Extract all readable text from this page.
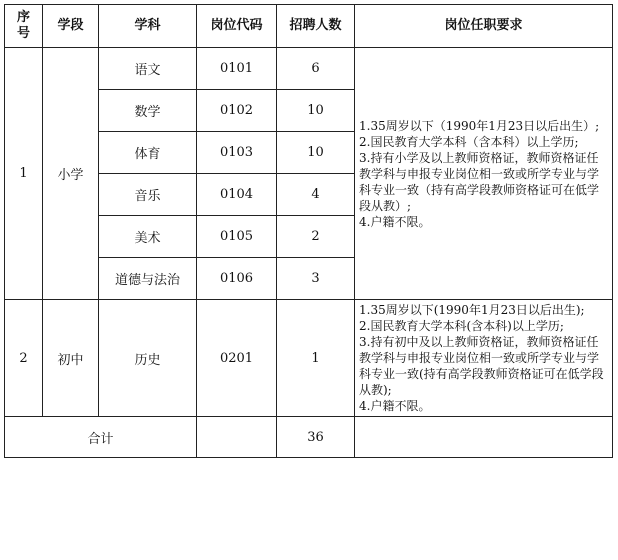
序号	学段	学科	岗位代码	招聘人数	岗位任职要求
1	小学	语文	0101	6	1.35周岁以下（1990年1月23日以后出生）;
2.国民教育大学本科（含本科）以上学历;
3.持有小学及以上教师资格证，教师资格证任教学科与申报专业岗位相一致或所学专业与学科专业一致（持有高学段教师资格证可在低学段从教）;
4.户籍不限。

		数学	0102	10	
		体育	0103	10	
		音乐	0104	4	
		美术	0105	2	
		道德与法治	0106	3	
2	初中	历史	0201	1	1.35周岁以下(1990年1月23日以后出生);
2.国民教育大学本科(含本科)以上学历;
3.持有初中及以上教师资格证，教师资格证任教学科与申报专业岗位相一致或所学专业与学科专业一致(持有高学段教师资格证可在低学段从教);
4.户籍不限。

合计				36	
